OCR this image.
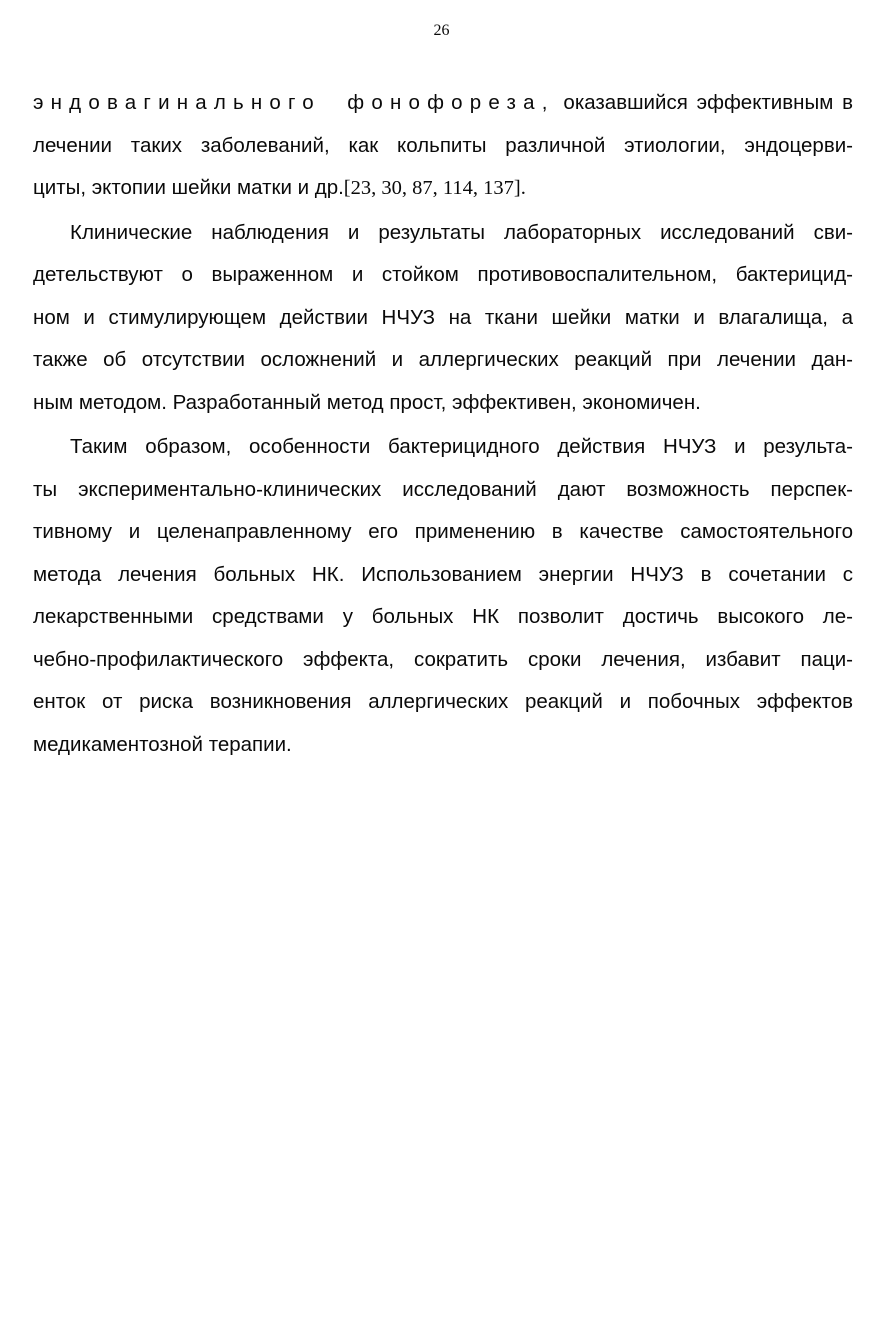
26
эндовагинального фонофореза, оказавшийся эффективным в
лечении таких заболеваний, как кольпиты различной этиологии, эндоцерви-
циты, эктопии шейки матки и др.[23, 30, 87, 114, 137].
Клинические наблюдения и результаты лабораторных исследований сви-
детельствуют о выраженном и стойком противовоспалительном, бактерицид-
ном и стимулирующем действии НЧУЗ на ткани шейки матки и влагалища, а
также об отсутствии осложнений и аллергических реакций при лечении дан-
ным методом. Разработанный метод прост, эффективен, экономичен.
Таким образом, особенности бактерицидного действия НЧУЗ и результа-
ты экспериментально-клинических исследований дают возможность перспек-
тивному и целенаправленному его применению в качестве самостоятельного
метода лечения больных НК. Использованием энергии НЧУЗ в сочетании с
лекарственными средствами у больных НК позволит достичь высокого ле-
чебно-профилактического эффекта, сократить сроки лечения, избавит паци-
енток от риска возникновения аллергических реакций и побочных эффектов
медикаментозной терапии.
